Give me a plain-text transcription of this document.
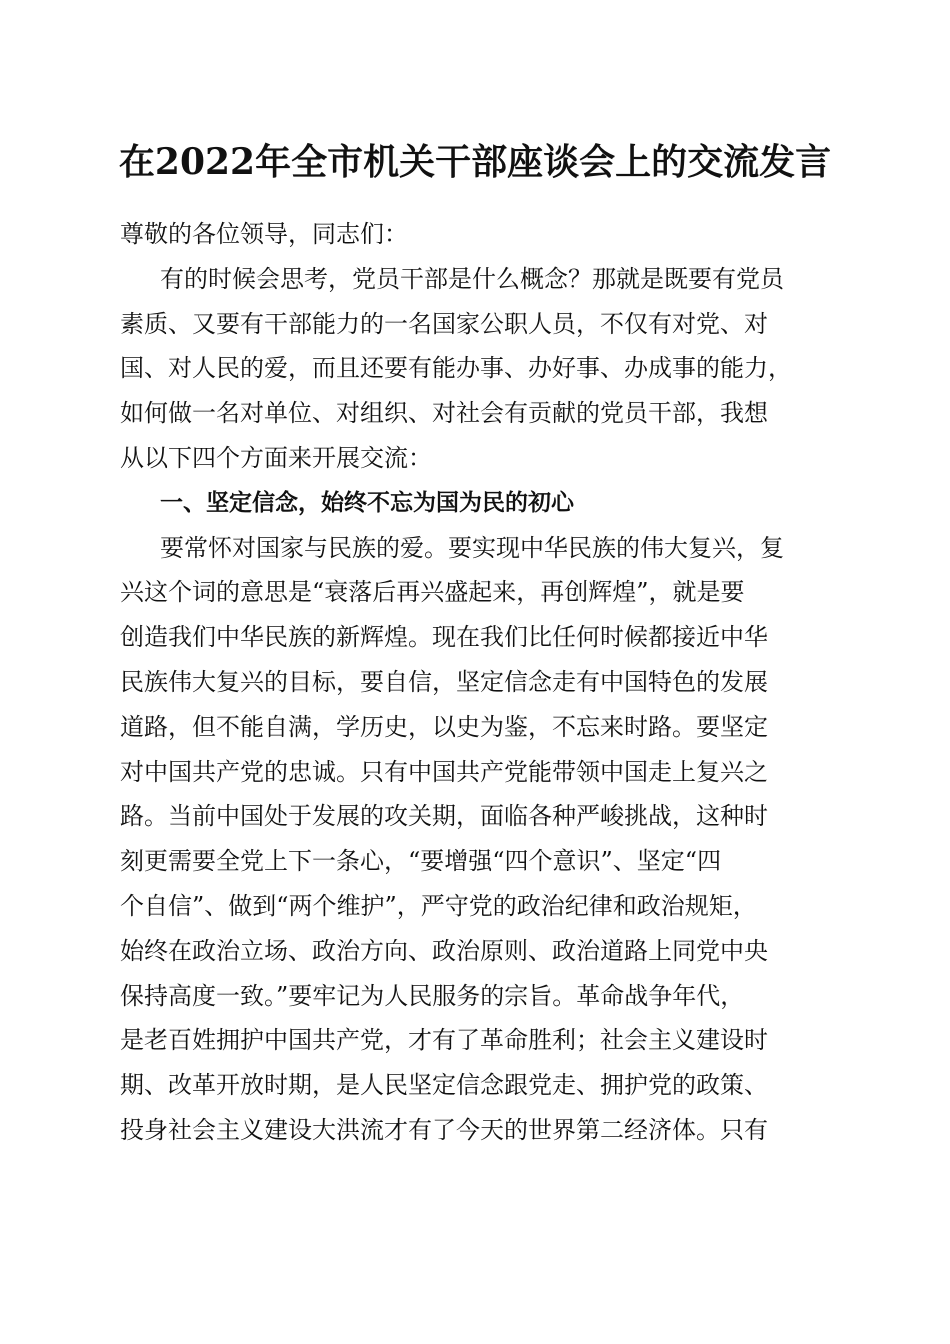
在2022年全市机关干部座谈会上的交流发言
尊敬的各位领导，同志们：
有的时候会思考，党员干部是什么概念？那就是既要有党员
素质、又要有干部能力的一名国家公职人员，不仅有对党、对
国、对人民的爱，而且还要有能办事、办好事、办成事的能力，
如何做一名对单位、对组织、对社会有贡献的党员干部，我想
从以下四个方面来开展交流：
一、坚定信念，始终不忘为国为民的初心
要常怀对国家与民族的爱。要实现中华民族的伟大复兴，复
兴这个词的意思是“衰落后再兴盛起来，再创辉煌”，就是要
创造我们中华民族的新辉煌。现在我们比任何时候都接近中华
民族伟大复兴的目标，要自信，坚定信念走有中国特色的发展
道路，但不能自满，学历史，以史为鉴，不忘来时路。要坚定
对中国共产党的忠诚。只有中国共产党能带领中国走上复兴之
路。当前中国处于发展的攻关期，面临各种严峻挑战，这种时
刻更需要全党上下一条心，“要增强“四个意识”、坚定“四
个自信”、做到“两个维护”，严守党的政治纪律和政治规矩，
始终在政治立场、政治方向、政治原则、政治道路上同党中央
保持高度一致。”要牢记为人民服务的宗旨。革命战争年代，
是老百姓拥护中国共产党，才有了革命胜利；社会主义建设时
期、改革开放时期，是人民坚定信念跟党走、拥护党的政策、
投身社会主义建设大洪流才有了今天的世界第二经济体。只有
